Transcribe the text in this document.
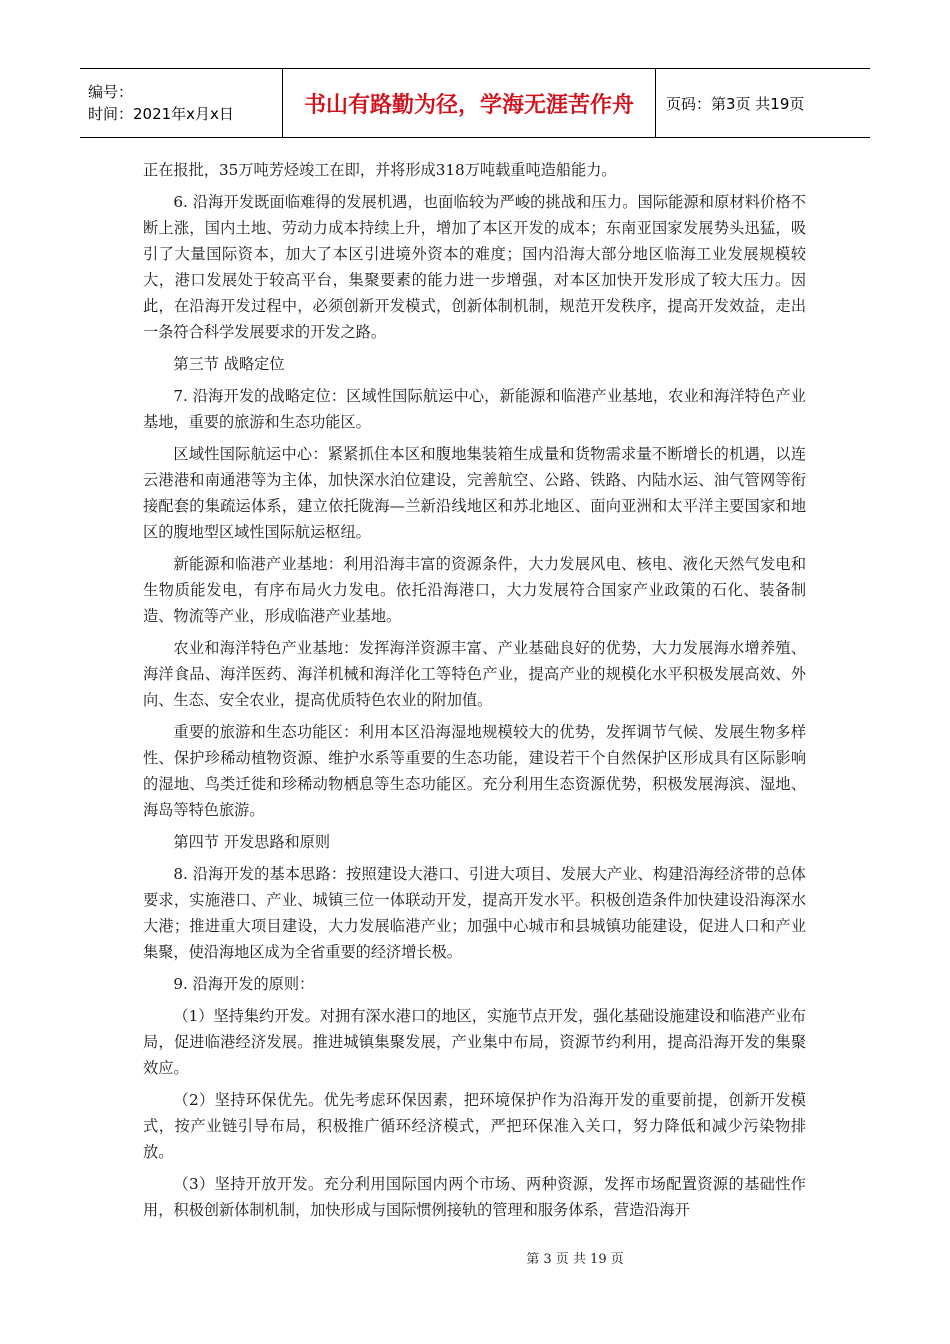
编号：
时间：2021年x月x日	书山有路勤为径，学海无涯苦作舟 页码：第3页 共19页

正在报批，35万吨芳烃竣工在即，并将形成318万吨载重吨造船能力。

6. 沿海开发既面临难得的发展机遇，也面临较为严峻的挑战和压力。国际能源和原材料价格不断上涨，国内土地、劳动力成本持续上升，增加了本区开发的成本；东南亚国家发展势头迅猛，吸引了大量国际资本，加大了本区引进境外资本的难度；国内沿海大部分地区临海工业发展规模较大，港口发展处于较高平台，集聚要素的能力进一步增强，对本区加快开发形成了较大压力。因此，在沿海开发过程中，必须创新开发模式，创新体制机制，规范开发秩序，提高开发效益，走出一条符合科学发展要求的开发之路。

第三节 战略定位

7. 沿海开发的战略定位：区域性国际航运中心，新能源和临港产业基地，农业和海洋特色产业基地，重要的旅游和生态功能区。

区域性国际航运中心：紧紧抓住本区和腹地集装箱生成量和货物需求量不断增长的机遇，以连云港港和南通港等为主体，加快深水泊位建设，完善航空、公路、铁路、内陆水运、油气管网等衔接配套的集疏运体系，建立依托陇海—兰新沿线地区和苏北地区、面向亚洲和太平洋主要国家和地区的腹地型区域性国际航运枢纽。

新能源和临港产业基地：利用沿海丰富的资源条件，大力发展风电、核电、液化天然气发电和生物质能发电，有序布局火力发电。依托沿海港口，大力发展符合国家产业政策的石化、装备制造、物流等产业，形成临港产业基地。

农业和海洋特色产业基地：发挥海洋资源丰富、产业基础良好的优势，大力发展海水增养殖、海洋食品、海洋医药、海洋机械和海洋化工等特色产业，提高产业的规模化水平积极发展高效、外向、生态、安全农业，提高优质特色农业的附加值。

重要的旅游和生态功能区：利用本区沿海湿地规模较大的优势，发挥调节气候、发展生物多样性、保护珍稀动植物资源、维护水系等重要的生态功能，建设若干个自然保护区形成具有区际影响的湿地、鸟类迁徙和珍稀动物栖息等生态功能区。充分利用生态资源优势，积极发展海滨、湿地、海岛等特色旅游。

第四节 开发思路和原则

8. 沿海开发的基本思路：按照建设大港口、引进大项目、发展大产业、构建沿海经济带的总体要求，实施港口、产业、城镇三位一体联动开发，提高开发水平。积极创造条件加快建设沿海深水大港；推进重大项目建设，大力发展临港产业；加强中心城市和县城镇功能建设，促进人口和产业集聚，使沿海地区成为全省重要的经济增长极。

9. 沿海开发的原则：

（1）坚持集约开发。对拥有深水港口的地区，实施节点开发，强化基础设施建设和临港产业布局，促进临港经济发展。推进城镇集聚发展，产业集中布局，资源节约利用，提高沿海开发的集聚效应。

（2）坚持环保优先。优先考虑环保因素，把环境保护作为沿海开发的重要前提，创新开发模式，按产业链引导布局，积极推广循环经济模式，严把环保准入关口，努力降低和减少污染物排放。

（3）坚持开放开发。充分利用国际国内两个市场、两种资源，发挥市场配置资源的基础性作用，积极创新体制机制，加快形成与国际惯例接轨的管理和服务体系，营造沿海开

第 3 页 共 19 页
